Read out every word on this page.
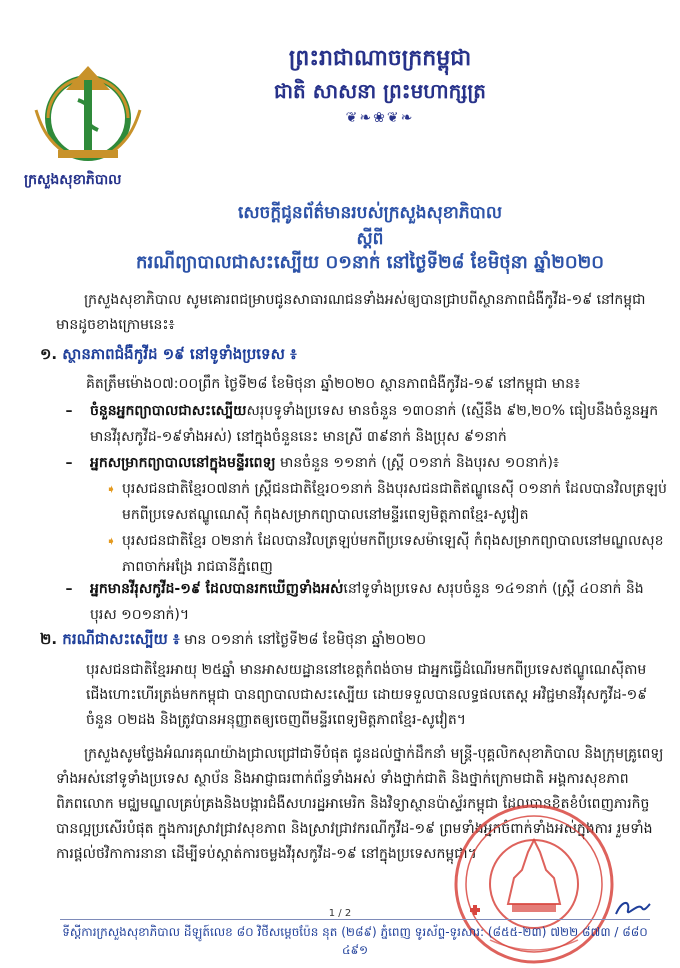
ក្រសួងសុខាភិបាល
ព្រះរាជាណាចក្រកម្ពុជា
ជាតិ សាសនា ព្រះមហាក្សត្រ
❦❧❀❦❧
សេចក្តីជូនព័ត៌មានរបស់ក្រសួងសុខាភិបាល
ស្តីពី
ករណីព្យាបាលជាសះស្បើយ ០១នាក់ នៅថ្ងៃទី២៨ ខែមិថុនា ឆ្នាំ២០២០

ក្រសួងសុខាភិបាល សូមគោរពជម្រាបជូនសាធារណជនទាំងអស់ឲ្យបានជ្រាបពីស្ថានភាពជំងឺកូវីដ-១៩ នៅកម្ពុជា មានដូចខាងក្រោមនេះ៖

១. ស្ថានភាពជំងឺកូវីដ ១៩ នៅទូទាំងប្រទេស ៖
គិតត្រឹមម៉ោង០៧:០០ព្រឹក ថ្ងៃទី២៨ ខែមិថុនា ឆ្នាំ២០២០ ស្ថានភាពជំងឺកូវីដ-១៩ នៅកម្ពុជា មាន៖
–	ចំនួនអ្នកព្យាបាលជាសះស្បើយសរុបទូទាំងប្រទេស មានចំនួន ១៣០នាក់ (ស្មើនឹង ៩២,២០% ធៀបនឹងចំនួនអ្នកមានវីរុសកូវីដ-១៩ទាំងអស់) នៅក្នុងចំនួននេះ មានស្រី ៣៩នាក់ និងប្រុស ៩១នាក់
–	អ្នកសម្រាកព្យាបាលនៅក្នុងមន្ទីរពេទ្យ មានចំនួន ១១នាក់ (ស្ត្រី ០១នាក់ និងបុរស ១០នាក់)៖
➧ បុរសជនជាតិខ្មែរ០៧នាក់ ស្ត្រីជនជាតិខ្មែរ០១នាក់ និងបុរសជនជាតិឥណ្ឌូនេស៊ី ០១នាក់ ដែលបានវិលត្រឡប់មកពីប្រទេសឥណ្ឌូណេស៊ី កំពុងសម្រាកព្យាបាលនៅមន្ទីរពេទ្យមិត្តភាពខ្មែរ-សូវៀត
➧ បុរសជនជាតិខ្មែរ ០២នាក់ ដែលបានវិលត្រឡប់មកពីប្រទេសម៉ាឡេស៊ី កំពុងសម្រាកព្យាបាលនៅមណ្ឌលសុខភាពចាក់អង្រែ រាជធានីភ្នំពេញ
–	អ្នកមានវីរុសកូវីដ-១៩ ដែលបានរកឃើញទាំងអស់នៅទូទាំងប្រទេស សរុបចំនួន ១៤១នាក់ (ស្ត្រី ៤០នាក់ និងបុរស ១០១នាក់)។
២. ករណីជាសះស្បើយ ៖ មាន ០១នាក់ នៅថ្ងៃទី២៨ ខែមិថុនា ឆ្នាំ២០២០
បុរសជនជាតិខ្មែរអាយុ ២៥ឆ្នាំ មានអាសយដ្ឋាននៅខេត្តកំពង់ចាម ជាអ្នកធ្វើដំណើរមកពីប្រទេសឥណ្ឌូណេស៊ីតាមជើងហោះហើរត្រង់មកកម្ពុជា បានព្យាបាលជាសះស្បើយ ដោយទទួលបានលទ្ធផលតេស្ត អវិជ្ជមានវីរុសកូវីដ-១៩ ចំនួន ០២ដង និងត្រូវបានអនុញ្ញាតឲ្យចេញពីមន្ទីរពេទ្យមិត្តភាពខ្មែរ-សូវៀត។

ក្រសួងសូមថ្លែងអំណរគុណយ៉ាងជ្រាលជ្រៅជាទីបំផុត ជូនដល់ថ្នាក់ដឹកនាំ មន្ត្រី-បុគ្គលិកសុខាភិបាល និងក្រុមគ្រូពេទ្យទាំងអស់នៅទូទាំងប្រទេស ស្ថាប័ន និងអាជ្ញាធរពាក់ព័ន្ធទាំងអស់ ទាំងថ្នាក់ជាតិ និងថ្នាក់ក្រោមជាតិ អង្គការសុខភាពពិភពលោក មជ្ឈមណ្ឌលគ្រប់គ្រងនិងបង្ការជំងឺសហរដ្ឋអាមេរិក និងវិទ្យាស្ថានប៉ាស្ទ័រកម្ពុជា ដែលបានខិតខំបំពេញភារកិច្ចបានល្អប្រសើរបំផុត ក្នុងការស្រាវជ្រាវសុខភាព និងស្រាវជ្រាវករណីកូវីដ-១៩ ព្រមទាំងអ្នកចំពាក់ទាំងអស់ក្នុងការ រួមទាំងការផ្តល់ថវិកាការនានា ដើម្បីទប់ស្កាត់ការចម្លងវីរុសកូវីដ-១៩ នៅក្នុងប្រទេសកម្ពុជា។

1 / 2
ទីស្តីការក្រសួងសុខាភិបាល ដីឡូត៍លេខ ៨០ វិថីសម្ដេចប៉ែន នុត (២៨៩) ភ្នំពេញ ទូរស័ព្ទ-ទូរសារ: (៨៥៥-២៣) ៧២២ ៨៧៣ / ៨៨០ ៤៩១
